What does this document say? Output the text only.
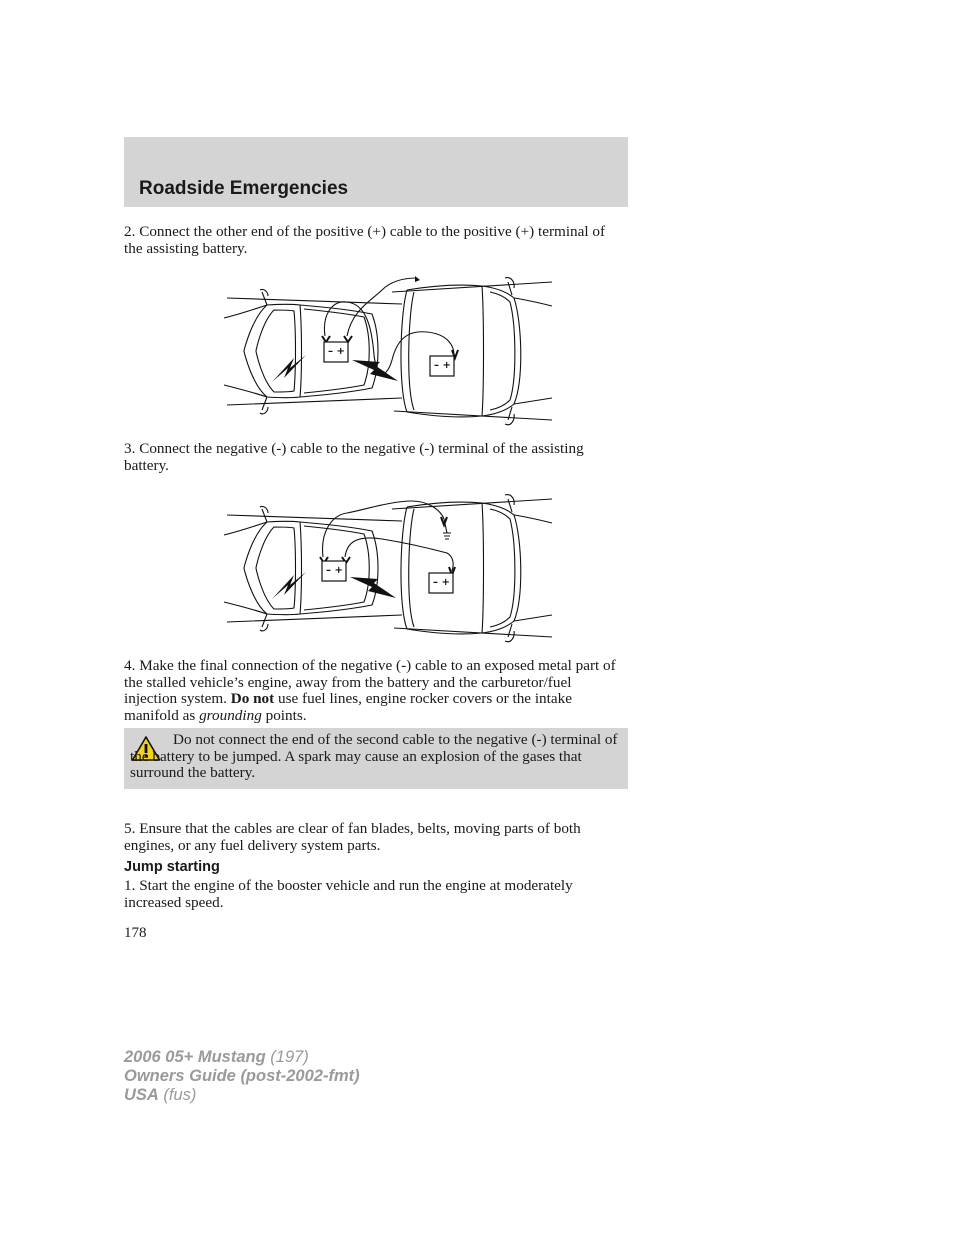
Roadside Emergencies
2. Connect the other end of the positive (+) cable to the positive (+) terminal of the assisting battery.
– +
– +
3. Connect the negative (-) cable to the negative (-) terminal of the assisting battery.
– +
– +
4. Make the final connection of the negative (-) cable to an exposed metal part of the stalled vehicle’s engine, away from the battery and the carburetor/fuel injection system. Do not use fuel lines, engine rocker covers or the intake manifold as grounding points.
Do not connect the end of the second cable to the negative (-) terminal of the battery to be jumped. A spark may cause an explosion of the gases that surround the battery.
5. Ensure that the cables are clear of fan blades, belts, moving parts of both engines, or any fuel delivery system parts.
Jump starting
1. Start the engine of the booster vehicle and run the engine at moderately increased speed.
178
2006 05+ Mustang (197)
Owners Guide (post-2002-fmt)
USA (fus)
